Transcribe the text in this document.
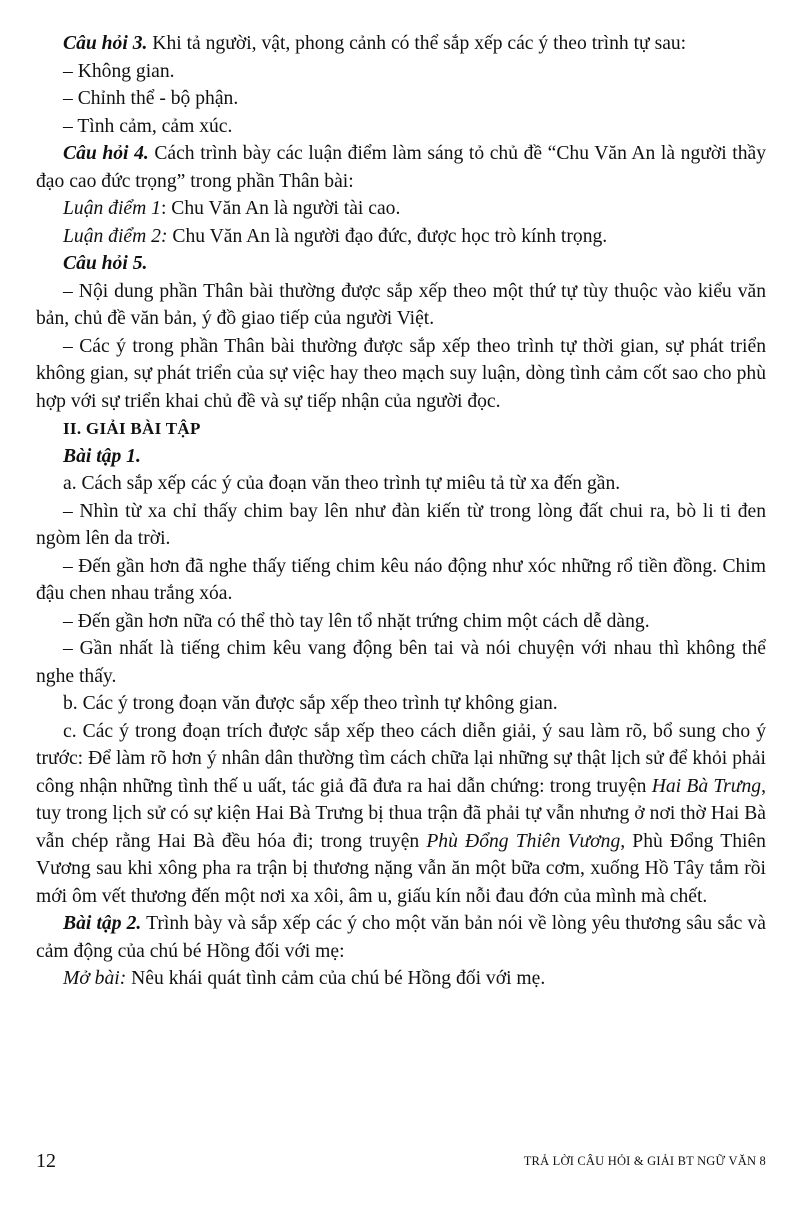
Câu hỏi 3. Khi tả người, vật, phong cảnh có thể sắp xếp các ý theo trình tự sau:

– Không gian.

– Chỉnh thể - bộ phận.

– Tình cảm, cảm xúc.

Câu hỏi 4. Cách trình bày các luận điểm làm sáng tỏ chủ đề “Chu Văn An là người thầy đạo cao đức trọng” trong phần Thân bài:

Luận điểm 1: Chu Văn An là người tài cao.

Luận điểm 2: Chu Văn An là người đạo đức, được học trò kính trọng.

Câu hỏi 5.

– Nội dung phần Thân bài thường được sắp xếp theo một thứ tự tùy thuộc vào kiểu văn bản, chủ đề văn bản, ý đồ giao tiếp của người Việt.

– Các ý trong phần Thân bài thường được sắp xếp theo trình tự thời gian, sự phát triển không gian, sự phát triển của sự việc hay theo mạch suy luận, dòng tình cảm cốt sao cho phù hợp với sự triển khai chủ đề và sự tiếp nhận của người đọc.

II. GIẢI BÀI TẬP

Bài tập 1.

a. Cách sắp xếp các ý của đoạn văn theo trình tự miêu tả từ xa đến gần.

– Nhìn từ xa chỉ thấy chim bay lên như đàn kiến từ trong lòng đất chui ra, bò li ti đen ngòm lên da trời.

– Đến gần hơn đã nghe thấy tiếng chim kêu náo động như xóc những rổ tiền đồng. Chim đậu chen nhau trắng xóa.

– Đến gần hơn nữa có thể thò tay lên tổ nhặt trứng chim một cách dễ dàng.

– Gần nhất là tiếng chim kêu vang động bên tai và nói chuyện với nhau thì không thể nghe thấy.

b. Các ý trong đoạn văn được sắp xếp theo trình tự không gian.

c. Các ý trong đoạn trích được sắp xếp theo cách diễn giải, ý sau làm rõ, bổ sung cho ý trước: Để làm rõ hơn ý nhân dân thường tìm cách chữa lại những sự thật lịch sử để khỏi phải công nhận những tình thế u uất, tác giả đã đưa ra hai dẫn chứng: trong truyện Hai Bà Trưng, tuy trong lịch sử có sự kiện Hai Bà Trưng bị thua trận đã phải tự vẫn nhưng ở nơi thờ Hai Bà vẫn chép rằng Hai Bà đều hóa đi; trong truyện Phù Đổng Thiên Vương, Phù Đổng Thiên Vương sau khi xông pha ra trận bị thương nặng vẫn ăn một bữa cơm, xuống Hồ Tây tắm rồi mới ôm vết thương đến một nơi xa xôi, âm u, giấu kín nỗi đau đớn của mình mà chết.

Bài tập 2. Trình bày và sắp xếp các ý cho một văn bản nói về lòng yêu thương sâu sắc và cảm động của chú bé Hồng đối với mẹ:

Mở bài: Nêu khái quát tình cảm của chú bé Hồng đối với mẹ.

12	TRẢ LỜI CÂU HỎI & GIẢI BT NGỮ VĂN 8
